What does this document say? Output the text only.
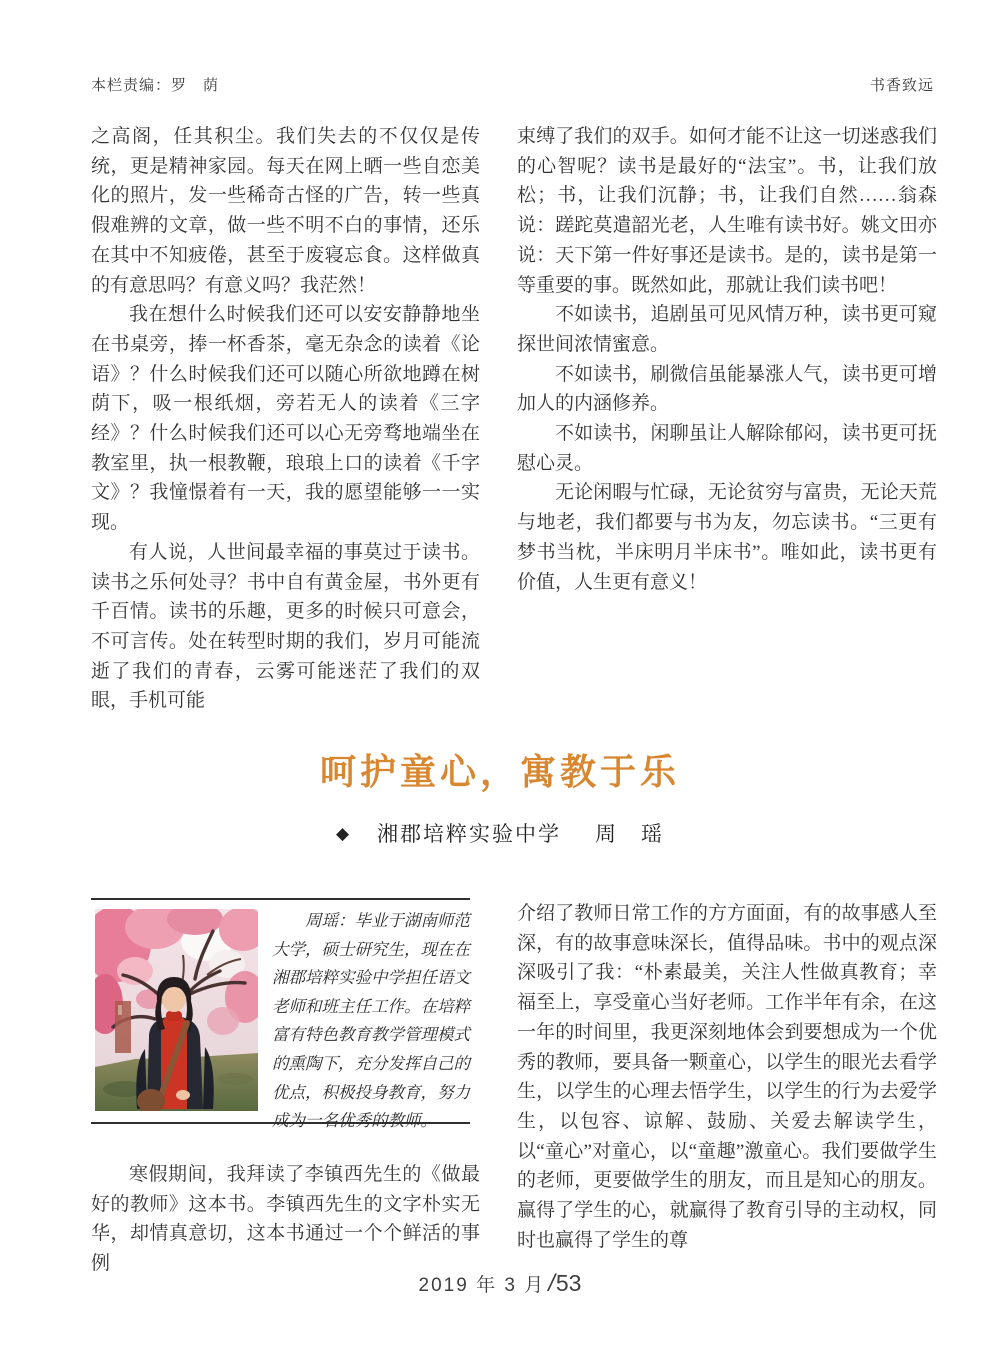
本栏责编：罗　荫	书香致远

之高阁，任其积尘。我们失去的不仅仅是传统，更是精神家园。每天在网上晒一些自恋美化的照片，发一些稀奇古怪的广告，转一些真假难辨的文章，做一些不明不白的事情，还乐在其中不知疲倦，甚至于废寝忘食。这样做真的有意思吗？有意义吗？我茫然！

我在想什么时候我们还可以安安静静地坐在书桌旁，捧一杯香茶，毫无杂念的读着《论语》？什么时候我们还可以随心所欲地蹲在树荫下，吸一根纸烟，旁若无人的读着《三字经》？什么时候我们还可以心无旁骛地端坐在教室里，执一根教鞭，琅琅上口的读着《千字文》？我憧憬着有一天，我的愿望能够一一实现。

有人说，人世间最幸福的事莫过于读书。读书之乐何处寻？书中自有黄金屋，书外更有千百情。读书的乐趣，更多的时候只可意会，不可言传。处在转型时期的我们，岁月可能流逝了我们的青春，云雾可能迷茫了我们的双眼，手机可能

束缚了我们的双手。如何才能不让这一切迷惑我们的心智呢？读书是最好的“法宝”。书，让我们放松；书，让我们沉静；书，让我们自然……翁森说：蹉跎莫遣韶光老，人生唯有读书好。姚文田亦说：天下第一件好事还是读书。是的，读书是第一等重要的事。既然如此，那就让我们读书吧！

不如读书，追剧虽可见风情万种，读书更可窥探世间浓情蜜意。

不如读书，刷微信虽能暴涨人气，读书更可增加人的内涵修养。

不如读书，闲聊虽让人解除郁闷，读书更可抚慰心灵。

无论闲暇与忙碌，无论贫穷与富贵，无论天荒与地老，我们都要与书为友，勿忘读书。“三更有梦书当枕，半床明月半床书”。唯如此，读书更有价值，人生更有意义！

呵护童心，寓教于乐
◆ 湘郡培粹实验中学 周　瑶
周瑶：毕业于湖南师范大学，硕士研究生，现在在湘郡培粹实验中学担任语文老师和班主任工作。在培粹富有特色教育教学管理模式的熏陶下，充分发挥自己的优点，积极投身教育，努力成为一名优秀的教师。

寒假期间，我拜读了李镇西先生的《做最好的教师》这本书。李镇西先生的文字朴实无华，却情真意切，这本书通过一个个鲜活的事例

介绍了教师日常工作的方方面面，有的故事感人至深，有的故事意味深长，值得品味。书中的观点深深吸引了我：“朴素最美，关注人性做真教育；幸福至上，享受童心当好老师。工作半年有余，在这一年的时间里，我更深刻地体会到要想成为一个优秀的教师，要具备一颗童心，以学生的眼光去看学生，以学生的心理去悟学生，以学生的行为去爱学生，以包容、谅解、鼓励、关爱去解读学生，以“童心”对童心，以“童趣”激童心。我们要做学生的老师，更要做学生的朋友，而且是知心的朋友。赢得了学生的心，就赢得了教育引导的主动权，同时也赢得了学生的尊

2019 年 3 月 /53
